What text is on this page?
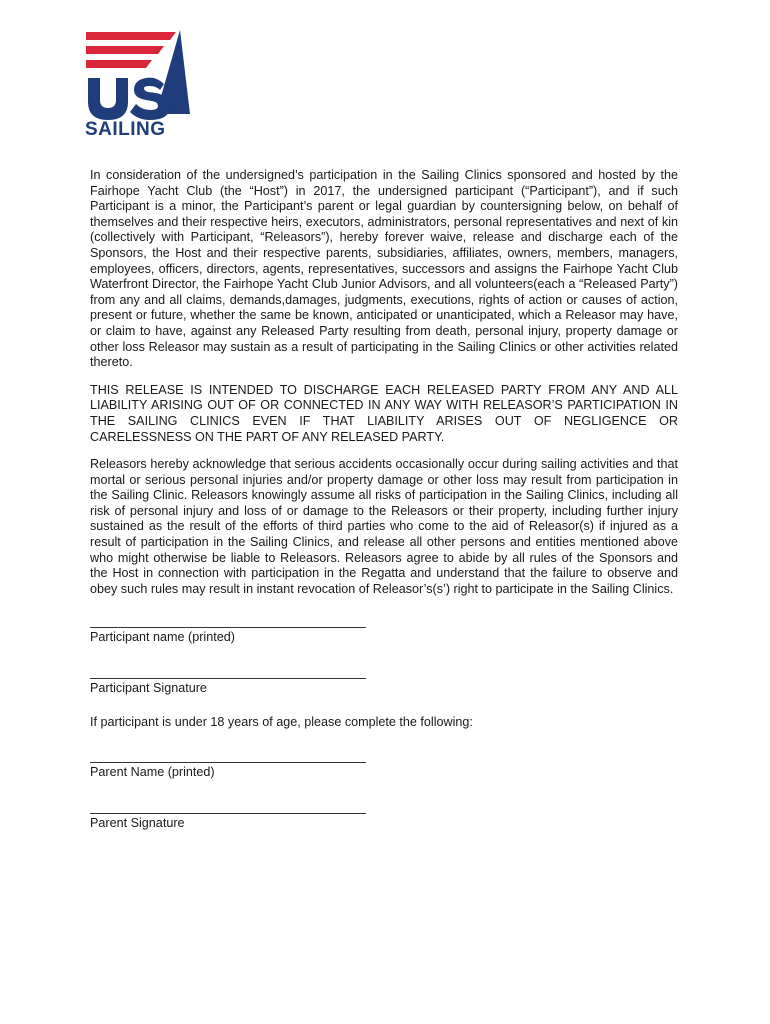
SAILING

In consideration of the undersigned’s participation in the Sailing Clinics sponsored and hosted by the Fairhope Yacht Club (the “Host”) in 2017, the undersigned participant (“Participant”), and if such Participant is a minor, the Participant’s parent or legal guardian by countersigning below, on behalf of themselves and their respective heirs, executors, administrators, personal representatives and next of kin (collectively with Participant, “Releasors”), hereby forever waive, release and discharge each of the Sponsors, the Host and their respective parents, subsidiaries, affiliates, owners, members, managers, employees, officers, directors, agents, representatives, successors and assigns the Fairhope Yacht Club Waterfront Director, the Fairhope Yacht Club Junior Advisors, and all volunteers(each a “Released Party”) from any and all claims, demands,damages, judgments, executions, rights of action or causes of action, present or future, whether the same be known, anticipated or unanticipated, which a Releasor may have, or claim to have, against any Released Party resulting from death, personal injury, property damage or other loss Releasor may sustain as a result of participating in the Sailing Clinics or other activities related thereto.

THIS RELEASE IS INTENDED TO DISCHARGE EACH RELEASED PARTY FROM ANY AND ALL LIABILITY ARISING OUT OF OR CONNECTED IN ANY WAY WITH RELEASOR’S PARTICIPATION IN THE SAILING CLINICS EVEN IF THAT LIABILITY ARISES OUT OF NEGLIGENCE OR CARELESSNESS ON THE PART OF ANY RELEASED PARTY.

Releasors hereby acknowledge that serious accidents occasionally occur during sailing activities and that mortal or serious personal injuries and/or property damage or other loss may result from participation in the Sailing Clinic. Releasors knowingly assume all risks of participation in the Sailing Clinics, including all risk of personal injury and loss of or damage to the Releasors or their property, including further injury sustained as the result of the efforts of third parties who come to the aid of Releasor(s) if injured as a result of participation in the Sailing Clinics, and release all other persons and entities mentioned above who might otherwise be liable to Releasors. Releasors agree to abide by all rules of the Sponsors and the Host in connection with participation in the Regatta and understand that the failure to observe and obey such rules may result in instant revocation of Releasor’s(s’) right to participate in the Sailing Clinics.

Participant name (printed)
Participant Signature
If participant is under 18 years of age, please complete the following:
Parent Name (printed)
Parent Signature
